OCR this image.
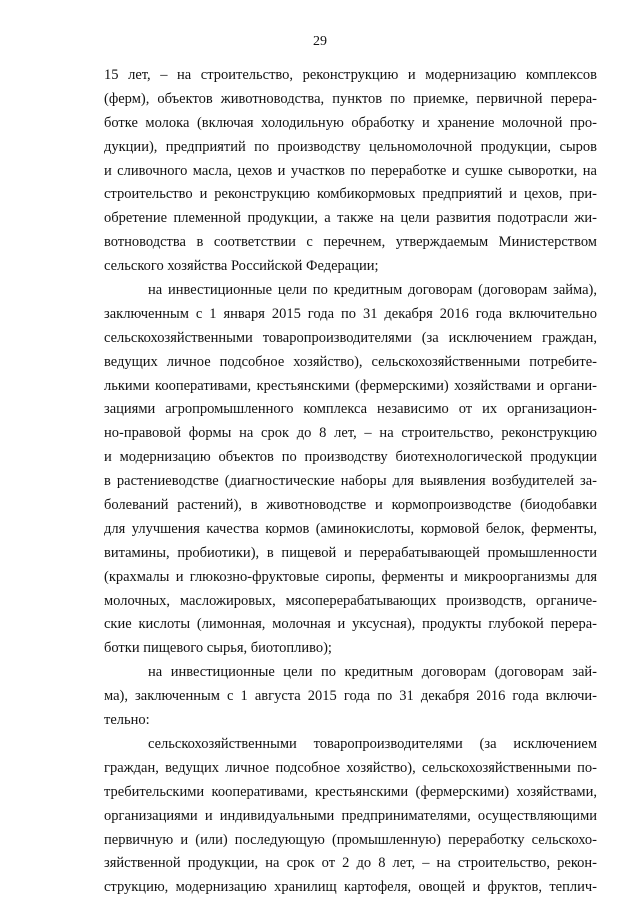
29
15 лет, – на строительство, реконструкцию и модернизацию комплексов
(ферм), объектов животноводства, пунктов по приемке, первичной перера-
ботке молока (включая холодильную обработку и хранение молочной про-
дукции), предприятий по производству цельномолочной продукции, сыров
и сливочного масла, цехов и участков по переработке и сушке сыворотки, на
строительство и реконструкцию комбикормовых предприятий и цехов, при-
обретение племенной продукции, а также на цели развития подотрасли жи-
вотноводства в соответствии с перечнем, утверждаемым Министерством
сельского хозяйства Российской Федерации;
на инвестиционные цели по кредитным договорам (договорам займа),
заключенным с 1 января 2015 года по 31 декабря 2016 года включительно
сельскохозяйственными товаропроизводителями (за исключением граждан,
ведущих личное подсобное хозяйство), сельскохозяйственными потребите-
лькими кооперативами, крестьянскими (фермерскими) хозяйствами и органи-
зациями агропромышленного комплекса независимо от их организацион-
но-правовой формы на срок до 8 лет, – на строительство, реконструкцию
и модернизацию объектов по производству биотехнологической продукции
в растениеводстве (диагностические наборы для выявления возбудителей за-
болеваний растений), в животноводстве и кормопроизводстве (биодобавки
для улучшения качества кормов (аминокислоты, кормовой белок, ферменты,
витамины, пробиотики), в пищевой и перерабатывающей промышленности
(крахмалы и глюкозно-фруктовые сиропы, ферменты и микроорганизмы для
молочных, масложировых, мясоперерабатывающих производств, органиче-
ские кислоты (лимонная, молочная и уксусная), продукты глубокой перера-
ботки пищевого сырья, биотопливо);
на инвестиционные цели по кредитным договорам (договорам зай-
ма), заключенным с 1 августа 2015 года по 31 декабря 2016 года включи-
тельно:
сельскохозяйственными товаропроизводителями (за исключением
граждан, ведущих личное подсобное хозяйство), сельскохозяйственными по-
требительскими кооперативами, крестьянскими (фермерскими) хозяйствами,
организациями и индивидуальными предпринимателями, осуществляющими
первичную и (или) последующую (промышленную) переработку сельскохо-
зяйственной продукции, на срок от 2 до 8 лет, – на строительство, рекон-
струкцию, модернизацию хранилищ картофеля, овощей и фруктов, теплич-
